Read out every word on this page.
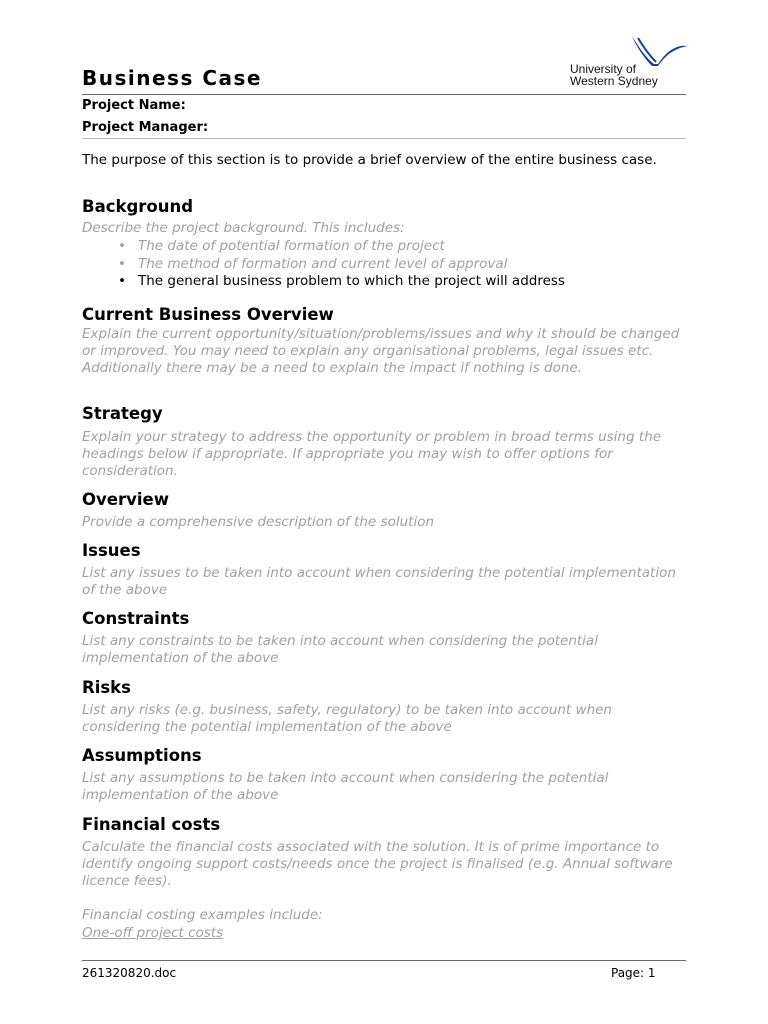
Business Case	University of
Western Sydney
Project Name:
Project Manager:
The purpose of this section is to provide a brief overview of the entire business case.
Background
Describe the project background. This includes:
• The date of potential formation of the project
• The method of formation and current level of approval
• The general business problem to which the project will address
Current Business Overview
Explain the current opportunity/situation/problems/issues and why it should be changed or improved. You may need to explain any organisational problems, legal issues etc. Additionally there may be a need to explain the impact if nothing is done.
Strategy
Explain your strategy to address the opportunity or problem in broad terms using the headings below if appropriate. If appropriate you may wish to offer options for consideration.
Overview
Provide a comprehensive description of the solution
Issues
List any issues to be taken into account when considering the potential implementation of the above
Constraints
List any constraints to be taken into account when considering the potential implementation of the above
Risks
List any risks (e.g. business, safety, regulatory) to be taken into account when considering the potential implementation of the above
Assumptions
List any assumptions to be taken into account when considering the potential implementation of the above
Financial costs
Calculate the financial costs associated with the solution. It is of prime importance to identify ongoing support costs/needs once the project is finalised (e.g. Annual software licence fees).
Financial costing examples include:
One-off project costs
261320820.doc	Page: 1
